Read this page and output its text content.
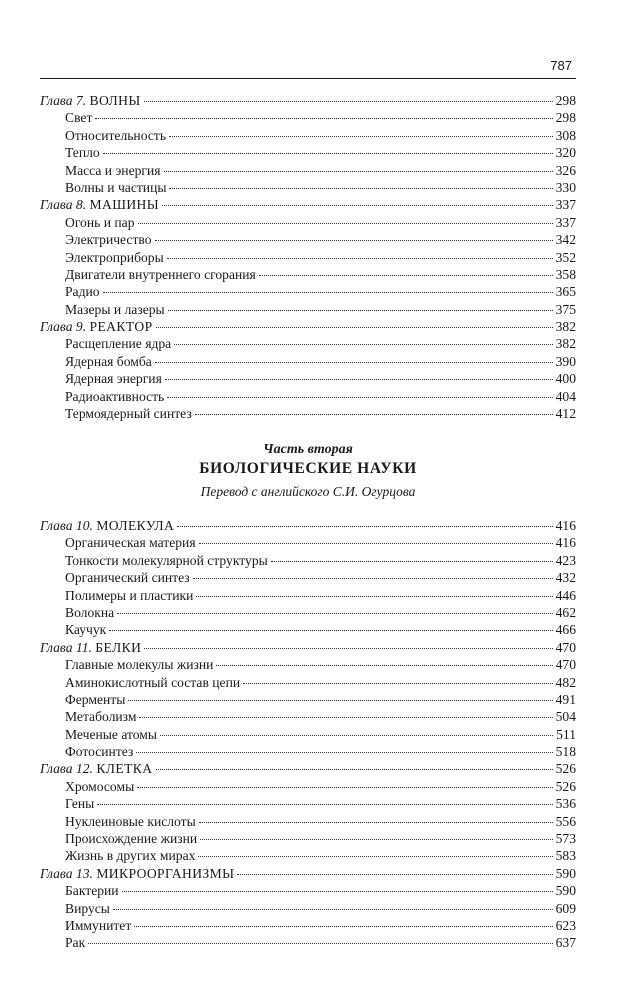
787
Глава 7. ВОЛНЫ	298
Свет	298
Относительность	308
Тепло	320
Масса и энергия	326
Волны и частицы	330
Глава 8. МАШИНЫ	337
Огонь и пар	337
Электричество	342
Электроприборы	352
Двигатели внутреннего сгорания	358
Радио	365
Мазеры и лазеры	375
Глава 9. РЕАКТОР	382
Расщепление ядра	382
Ядерная бомба	390
Ядерная энергия	400
Радиоактивность	404
Термоядерный синтез	412
Часть вторая
БИОЛОГИЧЕСКИЕ НАУКИ
Перевод с английского С.И. Огурцова
Глава 10. МОЛЕКУЛА	416
Органическая материя	416
Тонкости молекулярной структуры	423
Органический синтез	432
Полимеры и пластики	446
Волокна	462
Каучук	466
Глава 11. БЕЛКИ	470
Главные молекулы жизни	470
Аминокислотный состав цепи	482
Ферменты	491
Метаболизм	504
Меченые атомы	511
Фотосинтез	518
Глава 12. КЛЕТКА	526
Хромосомы	526
Гены	536
Нуклеиновые кислоты	556
Происхождение жизни	573
Жизнь в других мирах	583
Глава 13. МИКРООРГАНИЗМЫ	590
Бактерии	590
Вирусы	609
Иммунитет	623
Рак	637
